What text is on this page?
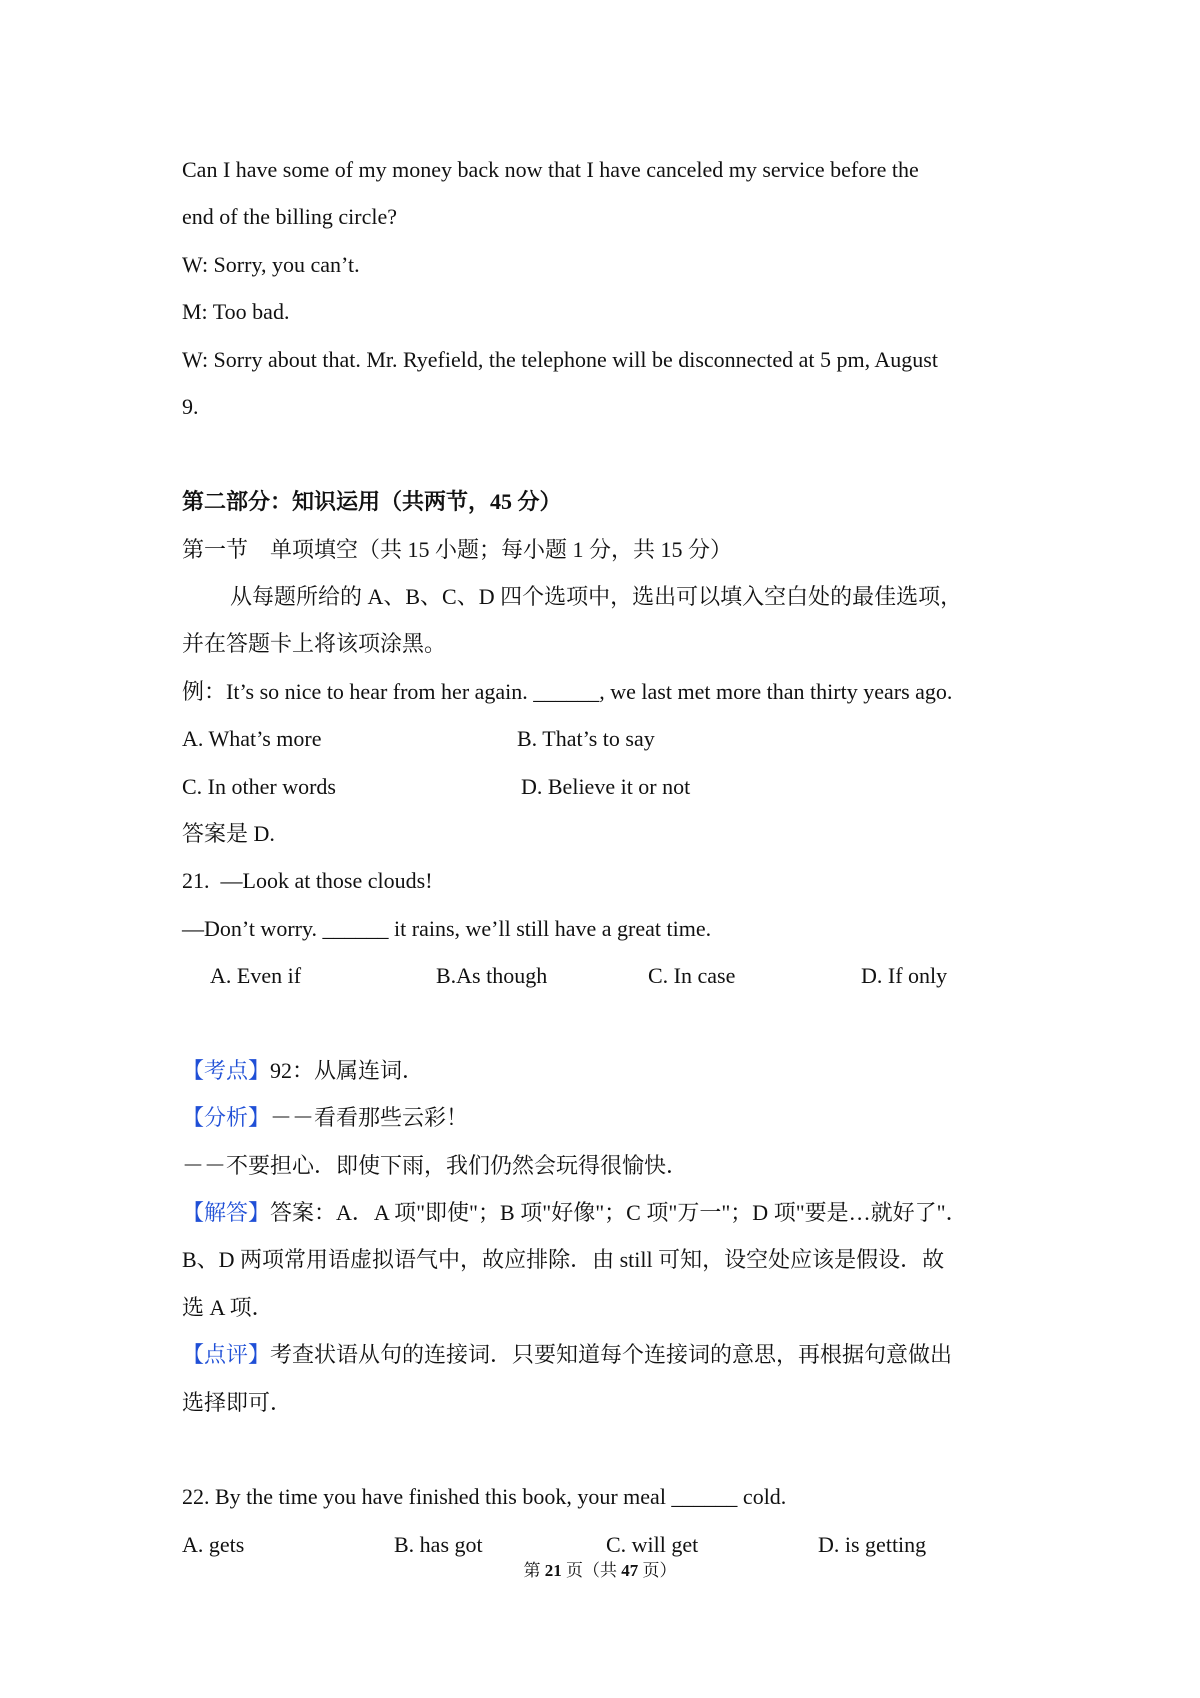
Can I have some of my money back now that I have canceled my service before the
end of the billing circle?
W: Sorry, you can’t.
M: Too bad.
W: Sorry about that. Mr. Ryefield, the telephone will be disconnected at 5 pm, August
9.
第二部分：知识运用（共两节，45 分）
第一节　单项填空（共 15 小题；每小题 1 分，共 15 分）
从每题所给的 A、B、C、D 四个选项中，选出可以填入空白处的最佳选项，
并在答题卡上将该项涂黑。
例：It’s so nice to hear from her again. ______, we last met more than thirty years ago.
A. What’s more	B. That’s to say
C. In other words	D. Believe it or not
答案是 D.
21.  —Look at those clouds!
—Don’t worry. ______ it rains, we’ll still have a great time.
A. Even if	B.As though	C. In case	D. If only
【考点】92：从属连词．
【分析】－－看看那些云彩！
－－不要担心．即使下雨，我们仍然会玩得很愉快．
【解答】答案：A．A 项"即使"；B 项"好像"；C 项"万一"；D 项"要是…就好了"．
B、D 两项常用语虚拟语气中，故应排除．由 still 可知，设空处应该是假设．故
选 A 项．
【点评】考查状语从句的连接词．只要知道每个连接词的意思，再根据句意做出
选择即可．
22. By the time you have finished this book, your meal ______ cold.
A. gets	B. has got	C. will get	D. is getting
第 21 页（共 47 页）
